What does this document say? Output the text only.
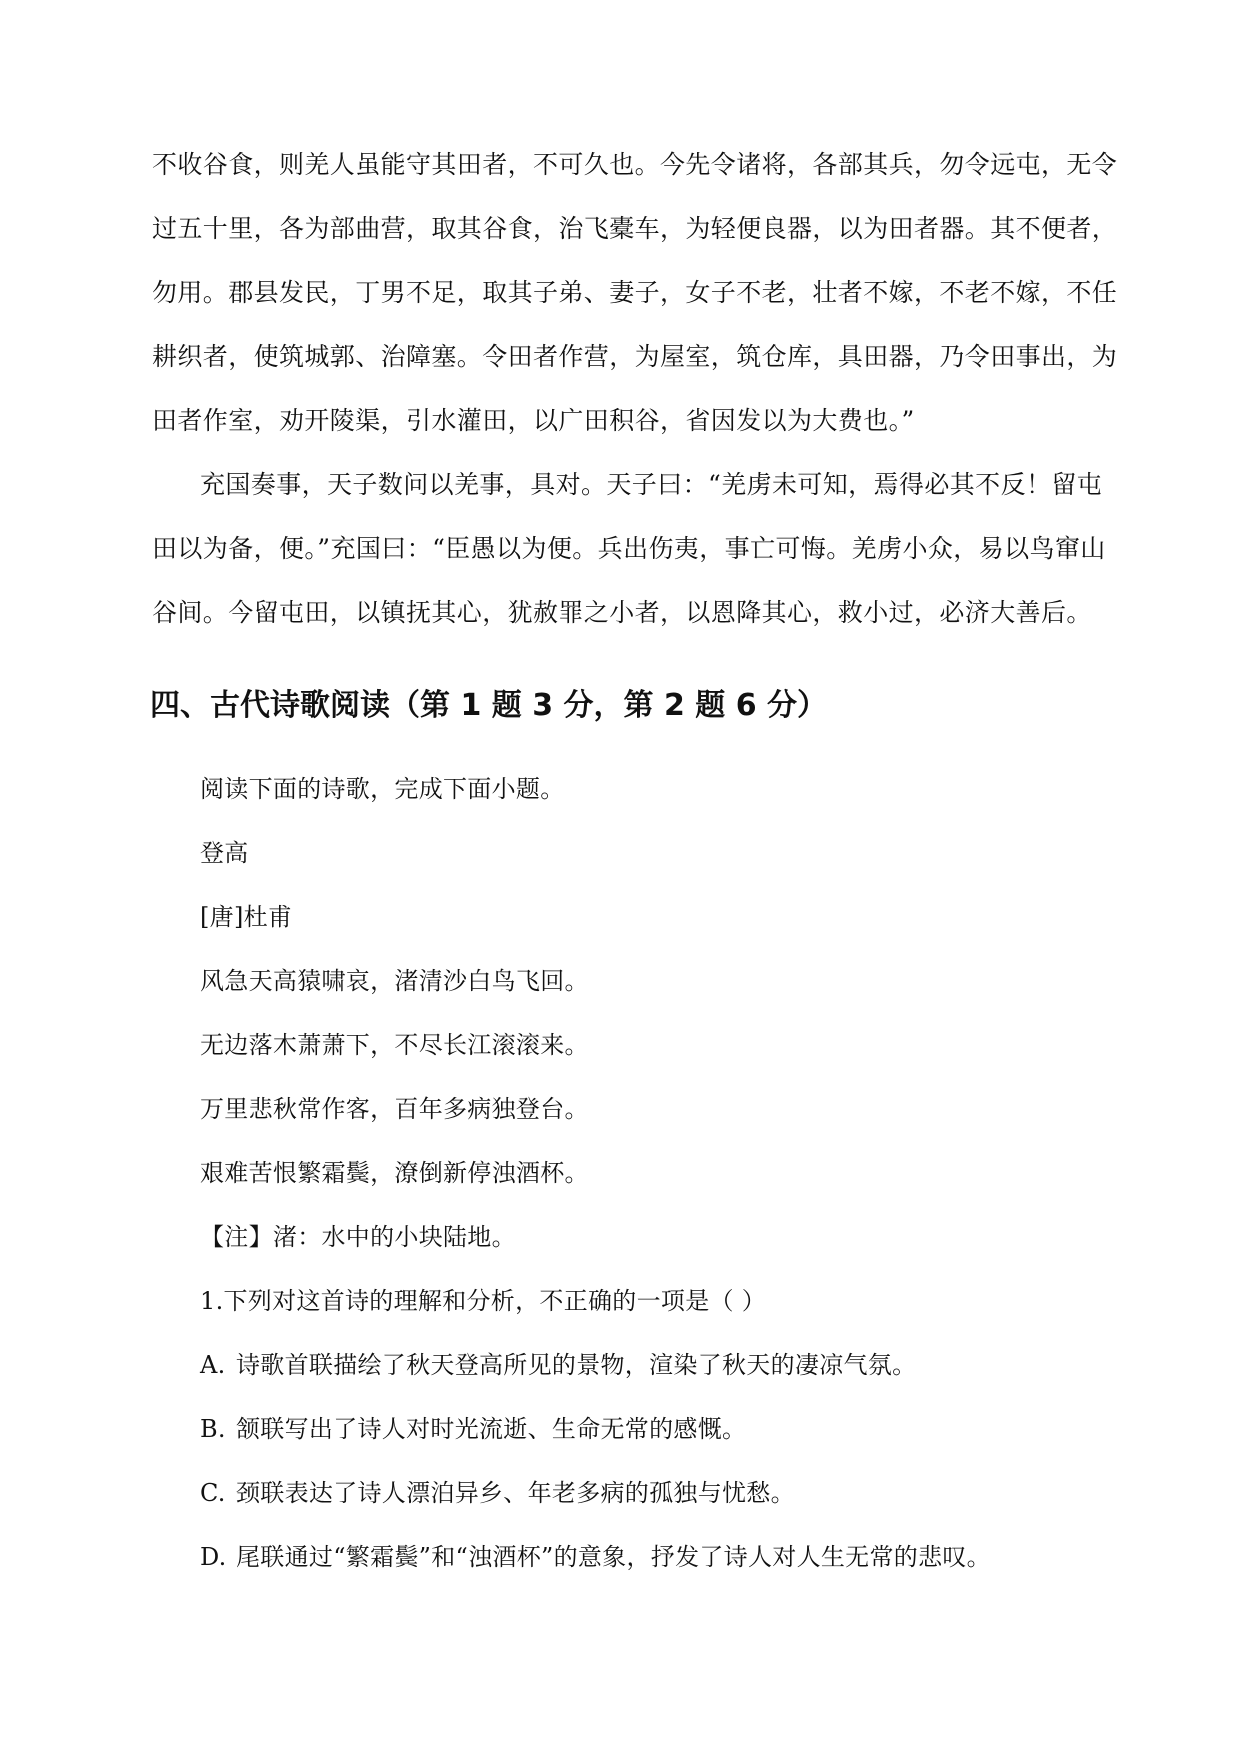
不收谷食，则羌人虽能守其田者，不可久也。今先令诸将，各部其兵，勿令远屯，无令
过五十里，各为部曲营，取其谷食，治飞橐车，为轻便良器，以为田者器。其不便者，
勿用。郡县发民，丁男不足，取其子弟、妻子，女子不老，壮者不嫁，不老不嫁，不任
耕织者，使筑城郭、治障塞。令田者作营，为屋室，筑仓库，具田器，乃令田事出，为
田者作室，劝开陵渠，引水灌田，以广田积谷，省因发以为大费也。”
充国奏事，天子数问以羌事，具对。天子曰：“羌虏未可知，焉得必其不反！留屯
田以为备，便。”充国曰：“臣愚以为便。兵出伤夷，事亡可悔。羌虏小众，易以鸟窜山
谷间。今留屯田，以镇抚其心，犹赦罪之小者，以恩降其心，救小过，必济大善后。
四、古代诗歌阅读（第 1 题 3 分，第 2 题 6 分）
阅读下面的诗歌，完成下面小题。
登高
[唐]杜甫
风急天高猿啸哀，渚清沙白鸟飞回。
无边落木萧萧下，不尽长江滚滚来。
万里悲秋常作客，百年多病独登台。
艰难苦恨繁霜鬓，潦倒新停浊酒杯。
【注】渚：水中的小块陆地。
1.下列对这首诗的理解和分析，不正确的一项是（ ）
A. 诗歌首联描绘了秋天登高所见的景物，渲染了秋天的凄凉气氛。
B. 颔联写出了诗人对时光流逝、生命无常的感慨。
C. 颈联表达了诗人漂泊异乡、年老多病的孤独与忧愁。
D. 尾联通过“繁霜鬓”和“浊酒杯”的意象，抒发了诗人对人生无常的悲叹。
